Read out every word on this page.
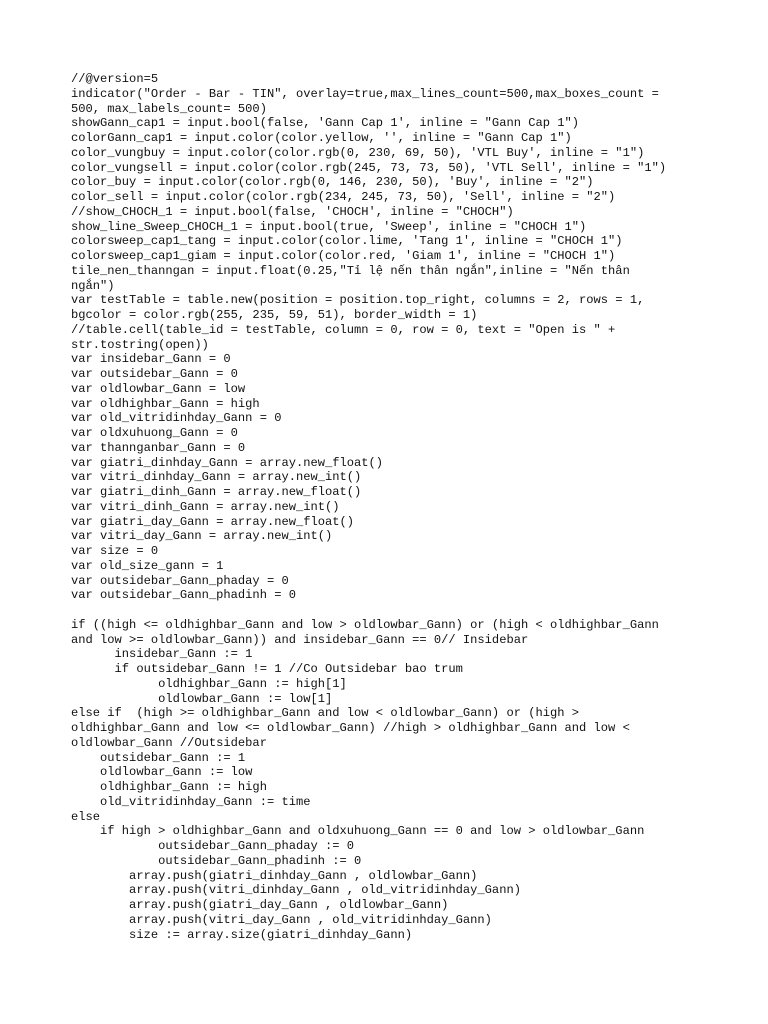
//@version=5
indicator("Order - Bar - TIN", overlay=true,max_lines_count=500,max_boxes_count =
500, max_labels_count= 500)
showGann_cap1 = input.bool(false, 'Gann Cap 1', inline = "Gann Cap 1")
colorGann_cap1 = input.color(color.yellow, '', inline = "Gann Cap 1")
color_vungbuy = input.color(color.rgb(0, 230, 69, 50), 'VTL Buy', inline = "1")
color_vungsell = input.color(color.rgb(245, 73, 73, 50), 'VTL Sell', inline = "1")
color_buy = input.color(color.rgb(0, 146, 230, 50), 'Buy', inline = "2")
color_sell = input.color(color.rgb(234, 245, 73, 50), 'Sell', inline = "2")
//show_CHOCH_1 = input.bool(false, 'CHOCH', inline = "CHOCH")
show_line_Sweep_CHOCH_1 = input.bool(true, 'Sweep', inline = "CHOCH 1")
colorsweep_cap1_tang = input.color(color.lime, 'Tang 1', inline = "CHOCH 1")
colorsweep_cap1_giam = input.color(color.red, 'Giam 1', inline = "CHOCH 1")
tile_nen_thanngan = input.float(0.25,"Tỉ lệ nến thân ngắn",inline = "Nến thân
ngắn")
var testTable = table.new(position = position.top_right, columns = 2, rows = 1,
bgcolor = color.rgb(255, 235, 59, 51), border_width = 1)
//table.cell(table_id = testTable, column = 0, row = 0, text = "Open is " +
str.tostring(open))
var insidebar_Gann = 0
var outsidebar_Gann = 0
var oldlowbar_Gann = low
var oldhighbar_Gann = high
var old_vitridinhday_Gann = 0
var oldxuhuong_Gann = 0
var thannganbar_Gann = 0
var giatri_dinhday_Gann = array.new_float()
var vitri_dinhday_Gann = array.new_int()
var giatri_dinh_Gann = array.new_float()
var vitri_dinh_Gann = array.new_int()
var giatri_day_Gann = array.new_float()
var vitri_day_Gann = array.new_int()
var size = 0
var old_size_gann = 1
var outsidebar_Gann_phaday = 0
var outsidebar_Gann_phadinh = 0
if ((high <= oldhighbar_Gann and low > oldlowbar_Gann) or (high < oldhighbar_Gann
and low >= oldlowbar_Gann)) and insidebar_Gann == 0// Insidebar
insidebar_Gann := 1
if outsidebar_Gann != 1 //Co Outsidebar bao trum
oldhighbar_Gann := high[1]
oldlowbar_Gann := low[1]
else if  (high >= oldhighbar_Gann and low < oldlowbar_Gann) or (high >
oldhighbar_Gann and low <= oldlowbar_Gann) //high > oldhighbar_Gann and low <
oldlowbar_Gann //Outsidebar
outsidebar_Gann := 1
oldlowbar_Gann := low
oldhighbar_Gann := high
old_vitridinhday_Gann := time
else
if high > oldhighbar_Gann and oldxuhuong_Gann == 0 and low > oldlowbar_Gann
outsidebar_Gann_phaday := 0
outsidebar_Gann_phadinh := 0
array.push(giatri_dinhday_Gann , oldlowbar_Gann)
array.push(vitri_dinhday_Gann , old_vitridinhday_Gann)
array.push(giatri_day_Gann , oldlowbar_Gann)
array.push(vitri_day_Gann , old_vitridinhday_Gann)
size := array.size(giatri_dinhday_Gann)
